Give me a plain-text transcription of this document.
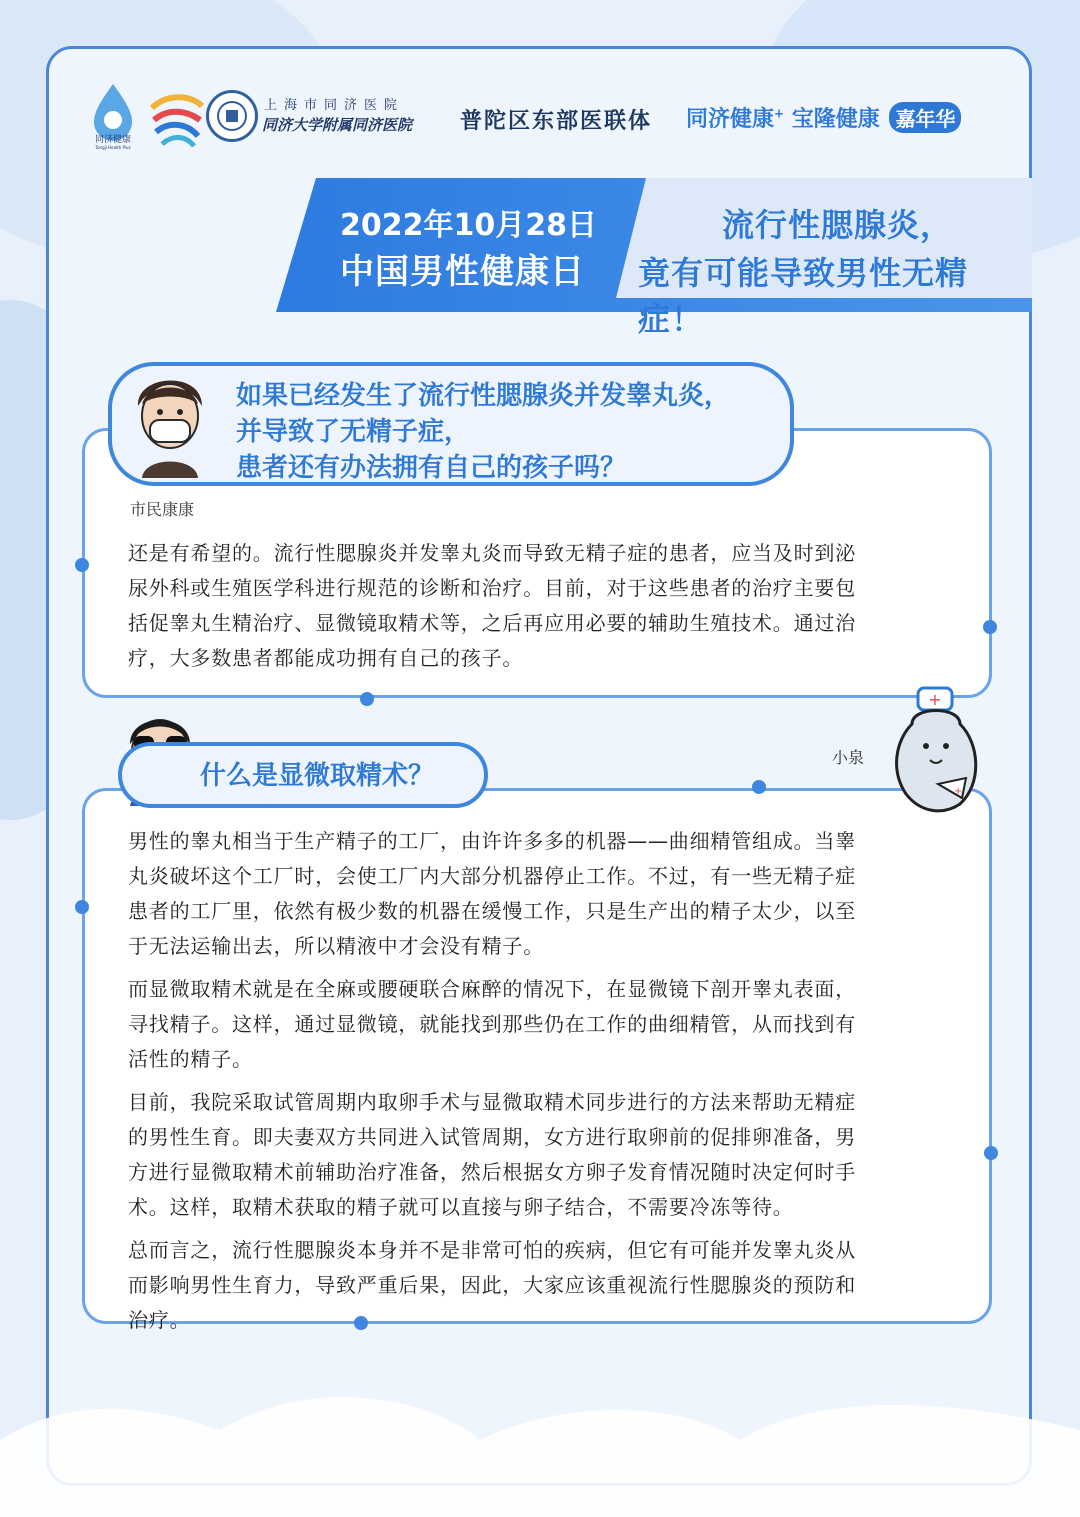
同济健康
Tongji Health Plus
上海市同济医院
同济大学附属同济医院 普陀区东部医联体 同济健康+ 宝隆健康 嘉年华
2022年10月28日
中国男性健康日
流行性腮腺炎，
竟有可能导致男性无精症！
如果已经发生了流行性腮腺炎并发睾丸炎，
并导致了无精子症，
患者还有办法拥有自己的孩子吗？
市民康康
还是有希望的。流行性腮腺炎并发睾丸炎而导致无精子症的患者，应当及时到泌
尿外科或生殖医学科进行规范的诊断和治疗。目前，对于这些患者的治疗主要包
括促睾丸生精治疗、显微镜取精术等，之后再应用必要的辅助生殖技术。通过治
疗，大多数患者都能成功拥有自己的孩子。
什么是显微取精术？
小泉
+
+

男性的睾丸相当于生产精子的工厂，由许许多多的机器——曲细精管组成。当睾
丸炎破坏这个工厂时，会使工厂内大部分机器停止工作。不过，有一些无精子症
患者的工厂里，依然有极少数的机器在缓慢工作，只是生产出的精子太少，以至
于无法运输出去，所以精液中才会没有精子。

而显微取精术就是在全麻或腰硬联合麻醉的情况下，在显微镜下剖开睾丸表面，
寻找精子。这样，通过显微镜，就能找到那些仍在工作的曲细精管，从而找到有
活性的精子。

目前，我院采取试管周期内取卵手术与显微取精术同步进行的方法来帮助无精症
的男性生育。即夫妻双方共同进入试管周期，女方进行取卵前的促排卵准备，男
方进行显微取精术前辅助治疗准备，然后根据女方卵子发育情况随时决定何时手
术。这样，取精术获取的精子就可以直接与卵子结合，不需要冷冻等待。

总而言之，流行性腮腺炎本身并不是非常可怕的疾病，但它有可能并发睾丸炎从
而影响男性生育力，导致严重后果，因此，大家应该重视流行性腮腺炎的预防和
治疗。
